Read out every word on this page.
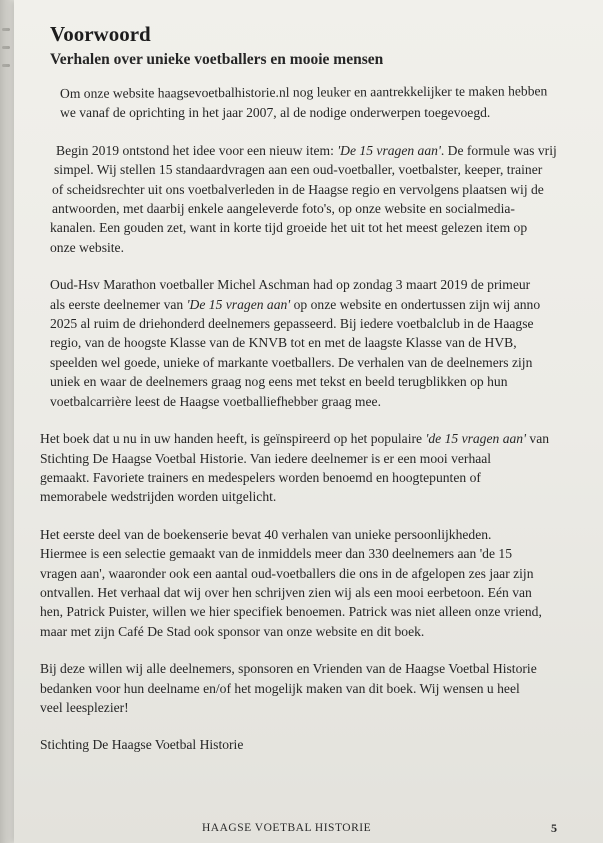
Voorwoord
Verhalen over unieke voetballers en mooie mensen

Om onze website haagsevoetbalhistorie.nl nog leuker en aantrekkelijker te maken hebben
we vanaf de oprichting in het jaar 2007, al de nodige onderwerpen toegevoegd.

Begin 2019 ontstond het idee voor een nieuw item: 'De 15 vragen aan'. De formule was vrij
simpel. Wij stellen 15 standaardvragen aan een oud-voetballer, voetbalster, keeper, trainer
of scheidsrechter uit ons voetbalverleden in de Haagse regio en vervolgens plaatsen wij de
antwoorden, met daarbij enkele aangeleverde foto's, op onze website en socialmedia-
kanalen. Een gouden zet, want in korte tijd groeide het uit tot het meest gelezen item op
onze website.

Oud-Hsv Marathon voetballer Michel Aschman had op zondag 3 maart 2019 de primeur
als eerste deelnemer van 'De 15 vragen aan' op onze website en ondertussen zijn wij anno
2025 al ruim de driehonderd deelnemers gepasseerd. Bij iedere voetbalclub in de Haagse
regio, van de hoogste Klasse van de KNVB tot en met de laagste Klasse van de HVB,
speelden wel goede, unieke of markante voetballers. De verhalen van de deelnemers zijn
uniek en waar de deelnemers graag nog eens met tekst en beeld terugblikken op hun
voetbalcarrière leest de Haagse voetballiefhebber graag mee.

Het boek dat u nu in uw handen heeft, is geïnspireerd op het populaire 'de 15 vragen aan' van
Stichting De Haagse Voetbal Historie. Van iedere deelnemer is er een mooi verhaal
gemaakt. Favoriete trainers en medespelers worden benoemd en hoogtepunten of
memorabele wedstrijden worden uitgelicht.

Het eerste deel van de boekenserie bevat 40 verhalen van unieke persoonlijkheden.
Hiermee is een selectie gemaakt van de inmiddels meer dan 330 deelnemers aan 'de 15
vragen aan', waaronder ook een aantal oud-voetballers die ons in de afgelopen zes jaar zijn
ontvallen. Het verhaal dat wij over hen schrijven zien wij als een mooi eerbetoon. Eén van
hen, Patrick Puister, willen we hier specifiek benoemen. Patrick was niet alleen onze vriend,
maar met zijn Café De Stad ook sponsor van onze website en dit boek.

Bij deze willen wij alle deelnemers, sponsoren en Vrienden van de Haagse Voetbal Historie
bedanken voor hun deelname en/of het mogelijk maken van dit boek. Wij wensen u heel
veel leesplezier!

Stichting De Haagse Voetbal Historie

HAAGSE VOETBAL HISTORIE	5
